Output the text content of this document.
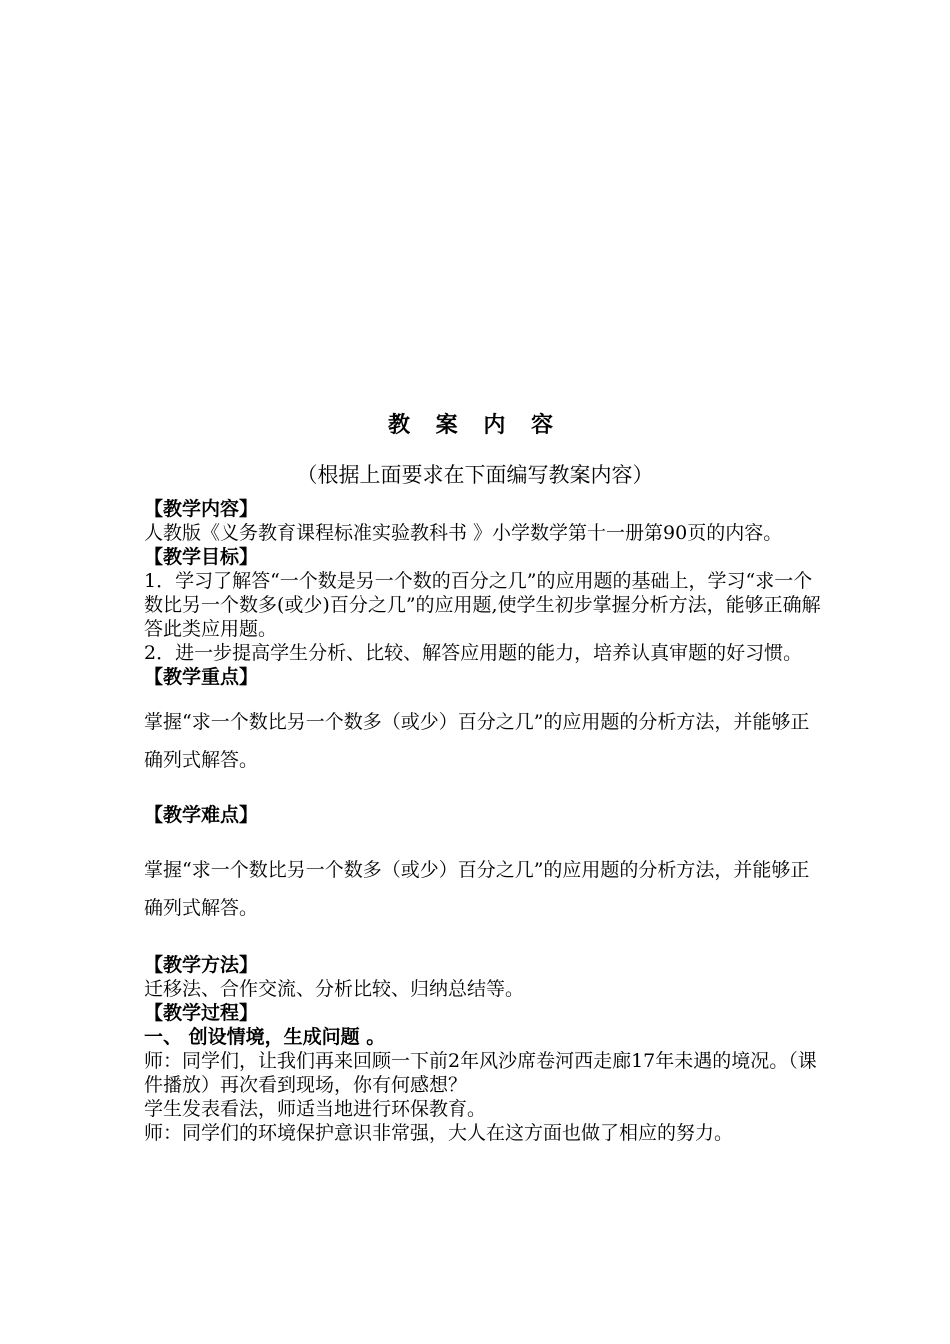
教 案 内 容
（根据上面要求在下面编写教案内容）

【教学内容】

人教版《义务教育课程标准实验教科书 》小学数学第十一册第90页的内容。

【教学目标】

1．学习了解答“一个数是另一个数的百分之几”的应用题的基础上，学习“求一个数比另一个数多(或少)百分之几”的应用题,使学生初步掌握分析方法，能够正确解答此类应用题。

2．进一步提高学生分析、比较、解答应用题的能力，培养认真审题的好习惯。

【教学重点】

掌握“求一个数比另一个数多（或少）百分之几”的应用题的分析方法，并能够正确列式解答。

【教学难点】

掌握“求一个数比另一个数多（或少）百分之几”的应用题的分析方法，并能够正确列式解答。

【教学方法】

迁移法、合作交流、分析比较、归纳总结等。

【教学过程】

一、 创设情境，生成问题 。

师：同学们，让我们再来回顾一下前2年风沙席卷河西走廊17年未遇的境况。（课件播放）再次看到现场，你有何感想？

学生发表看法，师适当地进行环保教育。

师：同学们的环境保护意识非常强，大人在这方面也做了相应的努力。
